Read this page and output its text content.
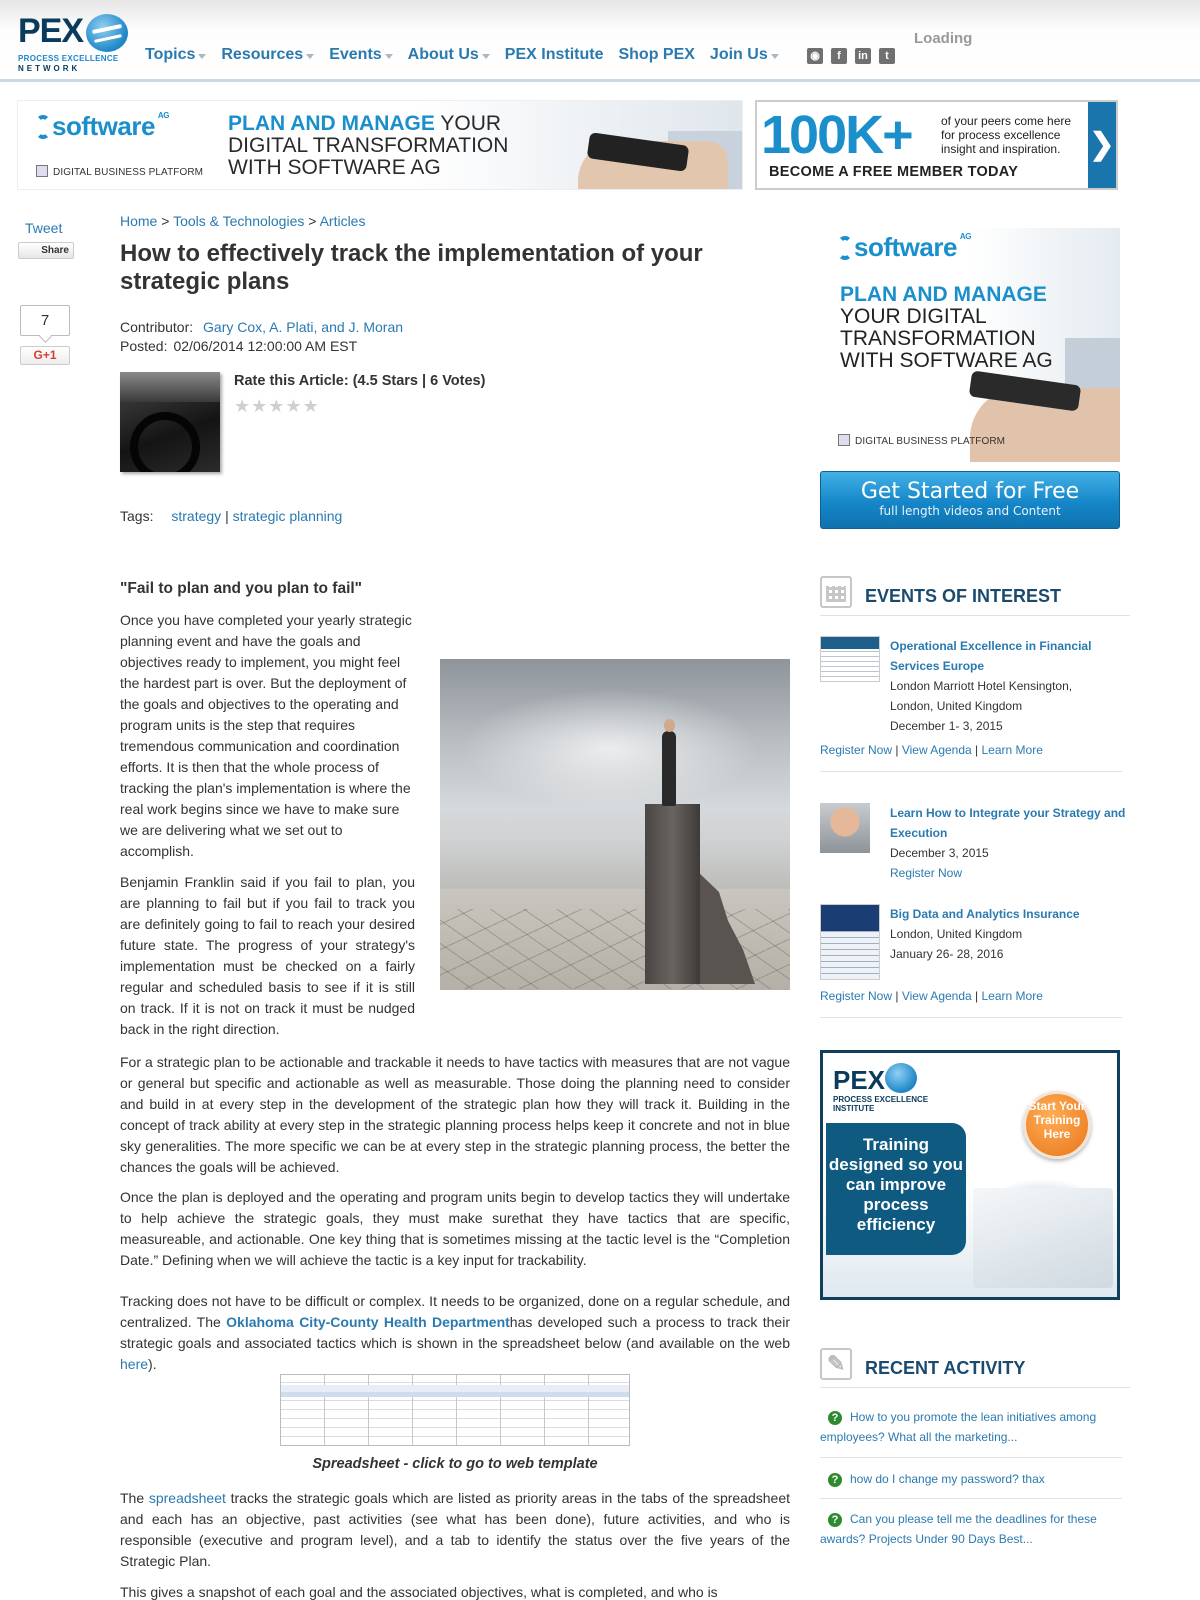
PEX
PROCESS EXCELLENCE
NETWORK
Topics Resources Events About Us PEX Institute Shop PEX Join Us	◉	f	in	t
Loading
software $^{AG}$
DIGITAL BUSINESS PLATFORM
PLAN AND MANAGE YOUR
DIGITAL TRANSFORMATION
WITH SOFTWARE AG
100K+ of your peers come here for process excellence insight and inspiration.
BECOME A FREE MEMBER TODAY
❯
Tweet
Share
7
G+1
Home > Tools & Technologies > Articles
How to effectively track the implementation of your strategic plans
Contributor: Gary Cox, A. Plati, and J. Moran
Posted: 02/06/2014 12:00:00 AM EST
Rate this Article: (4.5 Stars | 6 Votes)
★ ★ ★ ★ ★
Tags: strategy | strategic planning
"Fail to plan and you plan to fail"

Once you have completed your yearly strategic planning event and have the goals and objectives ready to implement, you might feel the hardest part is over. But the deployment of the goals and objectives to the operating and program units is the step that requires tremendous communication and coordination efforts. It is then that the whole process of tracking the plan's implementation is where the real work begins since we have to make sure we are delivering what we set out to accomplish.

Benjamin Franklin said if you fail to plan, you are planning to fail but if you fail to track you are definitely going to fail to reach your desired future state. The progress of your strategy's implementation must be checked on a fairly regular and scheduled basis to see if it is still on track. If it is not on track it must be nudged back in the right direction.

For a strategic plan to be actionable and trackable it needs to have tactics with measures that are not vague or general but specific and actionable as well as measurable. Those doing the planning need to consider and build in at every step in the development of the strategic plan how they will track it. Building in the concept of track ability at every step in the strategic planning process helps keep it concrete and not in blue sky generalities. The more specific we can be at every step in the strategic planning process, the better the chances the goals will be achieved.

Once the plan is deployed and the operating and program units begin to develop tactics they will undertake to help achieve the strategic goals, they must make surethat they have tactics that are specific, measureable, and actionable. One key thing that is sometimes missing at the tactic level is the “Completion Date.” Defining when we will achieve the tactic is a key input for trackability.

Tracking does not have to be difficult or complex. It needs to be organized, done on a regular schedule, and centralized. The Oklahoma City-County Health Departmenthas developed such a process to track their strategic goals and associated tactics which is shown in the spreadsheet below (and available on the web here).

Spreadsheet - click to go to web template

The spreadsheet tracks the strategic goals which are listed as priority areas in the tabs of the spreadsheet and each has an objective, past activities (see what has been done), future activities, and who is responsible (executive and program level), and a tab to identify the status over the five years of the Strategic Plan.

This gives a snapshot of each goal and the associated objectives, what is completed, and who is

software $^{AG}$
PLAN AND MANAGE
YOUR DIGITAL
TRANSFORMATION
WITH SOFTWARE AG
DIGITAL BUSINESS PLATFORM
Get Started for Free
full length videos and Content
EVENTS OF INTEREST
Operational Excellence in Financial Services Europe
London Marriott Hotel Kensington,
London, United Kingdom
December 1- 3, 2015
Register Now | View Agenda | Learn More
Learn How to Integrate your Strategy and Execution
December 3, 2015
Register Now
Big Data and Analytics Insurance
London, United Kingdom
January 26- 28, 2016
Register Now | View Agenda | Learn More
PEX
PROCESS EXCELLENCE
INSTITUTE
Training designed so you can improve process efficiency
Start Your Training Here
✎
RECENT ACTIVITY
? How to you promote the lean initiatives among employees? What all the marketing...
? how do I change my password? thax
? Can you please tell me the deadlines for these awards? Projects Under 90 Days Best...
